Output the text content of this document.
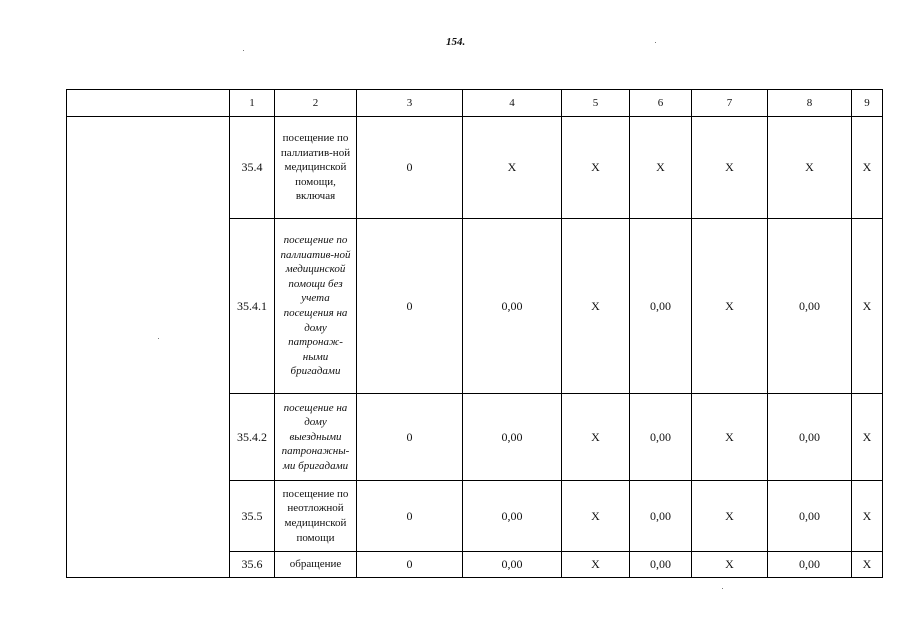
154.
	1	2	3	4	5	6	7	8	9
	35.4	посещение по паллиатив-ной медицинской помощи, включая	0	X	X	X	X	X	X
	35.4.1	посещение по паллиатив-ной медицинской помощи без учета посещения на дому патронаж-ными бригадами	0	0,00	X	0,00	X	0,00	X
	35.4.2	посещение на дому выездными патронажны-ми бригадами	0	0,00	X	0,00	X	0,00	X
	35.5	посещение по неотложной медицинской помощи	0	0,00	X	0,00	X	0,00	X
	35.6	обращение	0	0,00	X	0,00	X	0,00	X
